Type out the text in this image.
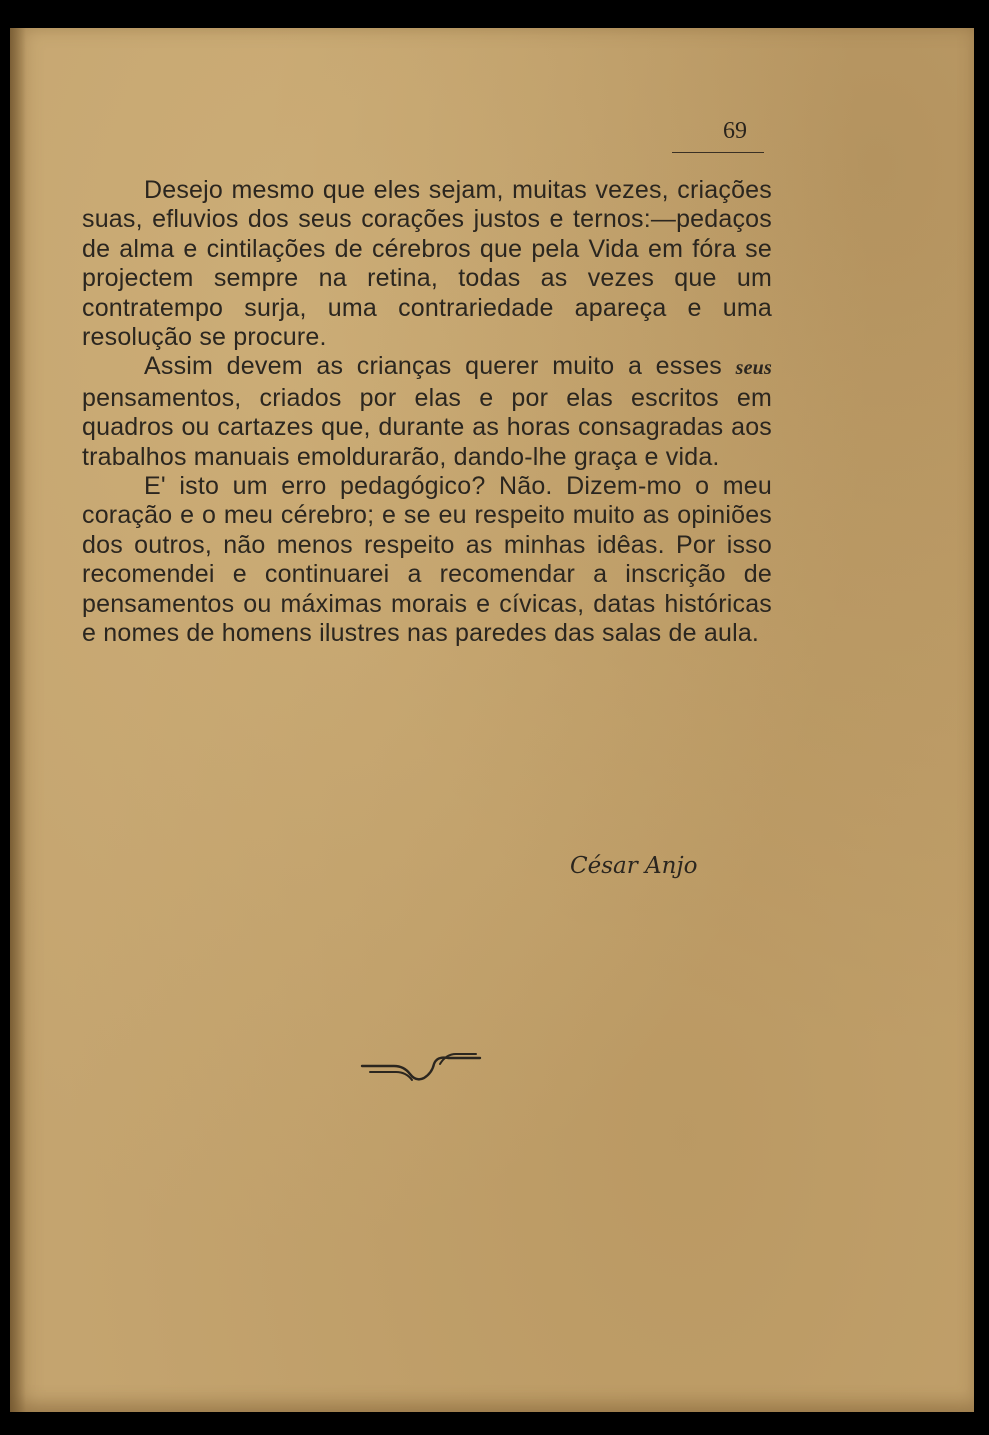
69

Desejo mesmo que eles sejam, muitas vezes, criações suas, efluvios dos seus corações justos e ternos:—pedaços de alma e cintilações de cérebros que pela Vida em fóra se projectem sempre na retina, todas as vezes que um contratempo surja, uma contrariedade apareça e uma resolução se procure.

Assim devem as crianças querer muito a esses seus pensamentos, criados por elas e por elas escritos em quadros ou cartazes que, durante as horas consagradas aos trabalhos manuais emoldurarão, dando-lhe graça e vida.

E' isto um erro pedagógico? Não. Dizem-mo o meu coração e o meu cérebro; e se eu respeito muito as opiniões dos outros, não menos respeito as minhas idêas. Por isso recomendei e continuarei a recomendar a inscrição de pensamentos ou máximas morais e cívicas, datas históricas e nomes de homens ilustres nas paredes das salas de aula.

César Anjo
